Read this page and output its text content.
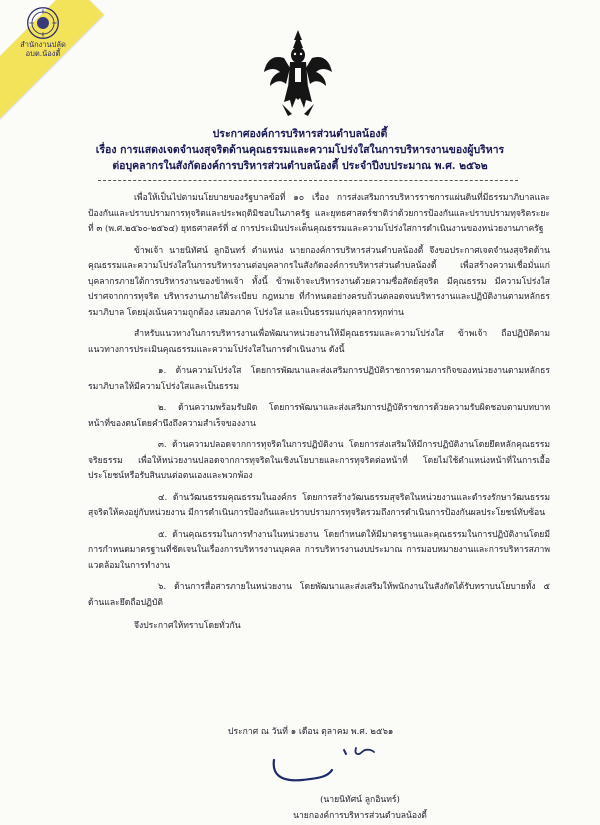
สำนักงานปลัด
อบต.น้องตี้
ประกาศองค์การบริหารส่วนตำบลน้องตี้
เรื่อง การแสดงเจตจำนงสุจริตด้านคุณธรรมและความโปร่งใสในการบริหารงานของผู้บริหาร
ต่อบุคลากรในสังกัดองค์การบริหารส่วนตำบลน้องตี้ ประจำปีงบประมาณ พ.ศ. ๒๕๖๒

เพื่อให้เป็นไปตามนโยบายของรัฐบาลข้อที่ ๑๐ เรื่อง การส่งเสริมการบริหารราชการแผ่นดินที่มีธรรมาภิบาลและป้องกันและปราบปรามการทุจริตและประพฤติมิชอบในภาครัฐ และยุทธศาสตร์ชาติว่าด้วยการป้องกันและปราบปรามทุจริตระยะที่ ๓ (พ.ศ.๒๕๖๐-๒๕๖๔) ยุทธศาสตร์ที่ ๔ การประเมินประเด็นคุณธรรมและความโปร่งใสการดำเนินงานของหน่วยงานภาครัฐ

ข้าพเจ้า นายนิทัศน์ ลูกอินทร์ ตำแหน่ง นายกองค์การบริหารส่วนตำบลน้องตี้ จึงขอประกาศเจตจำนงสุจริตด้านคุณธรรมและความโปร่งใสในการบริหารงานต่อบุคลากรในสังกัดองค์การบริหารส่วนตำบลน้องตี้ เพื่อสร้างความเชื่อมั่นแก่บุคลากรภายใต้การบริหารงานของข้าพเจ้า ทั้งนี้ ข้าพเจ้าจะบริหารงานด้วยความซื่อสัตย์สุจริต มีคุณธรรม มีความโปร่งใส ปราศจากการทุจริต บริหารงานภายใต้ระเบียบ กฎหมาย ที่กำหนดอย่างครบถ้วนตลอดจนบริหารงานและปฏิบัติงานตามหลักธรรมาภิบาล โดยมุ่งเน้นความถูกต้อง เสมอภาค โปร่งใส และเป็นธรรมแก่บุคลากรทุกท่าน

สำหรับแนวทางในการบริหารงานเพื่อพัฒนาหน่วยงานให้มีคุณธรรมและความโปร่งใส ข้าพเจ้า ถือปฏิบัติตามแนวทางการประเมินคุณธรรมและความโปร่งใสในการดำเนินงาน ดังนี้

๑. ด้านความโปร่งใส โดยการพัฒนาและส่งเสริมการปฏิบัติราชการตามภารกิจของหน่วยงานตามหลักธรรมาภิบาลให้มีความโปร่งใสและเป็นธรรม

๒. ด้านความพร้อมรับผิด โดยการพัฒนาและส่งเสริมการปฏิบัติราชการด้วยความรับผิดชอบตามบทบาทหน้าที่ของตนโดยคำนึงถึงความสำเร็จของงาน

๓. ด้านความปลอดจากการทุจริตในการปฏิบัติงาน โดยการส่งเสริมให้มีการปฏิบัติงานโดยยึดหลักคุณธรรม จริยธรรม เพื่อให้หน่วยงานปลอดจากการทุจริตในเชิงนโยบายและการทุจริตต่อหน้าที่ โดยไม่ใช้ตำแหน่งหน้าที่ในการเอื้อประโยชน์หรือรับสินบนต่อตนเองและพวกพ้อง

๔. ด้านวัฒนธรรมคุณธรรมในองค์กร โดยการสร้างวัฒนธรรมสุจริตในหน่วยงานและดำรงรักษาวัฒนธรรมสุจริตให้คงอยู่กับหน่วยงาน มีการดำเนินการป้องกันและปราบปรามการทุจริตรวมถึงการดำเนินการป้องกันผลประโยชน์ทับซ้อน

๕. ด้านคุณธรรมในการทำงานในหน่วยงาน โดยกำหนดให้มีมาตรฐานและคุณธรรมในการปฏิบัติงานโดยมีการกำหนดมาตรฐานที่ชัดเจนในเรื่องการบริหารงานบุคคล การบริหารงานงบประมาณ การมอบหมายงานและการบริหารสภาพแวดล้อมในการทำงาน

๖. ด้านการสื่อสารภายในหน่วยงาน โดยพัฒนาและส่งเสริมให้พนักงานในสังกัดได้รับทราบนโยบายทั้ง ๕ ด้านและยึดถือปฏิบัติ

จึงประกาศให้ทราบโดยทั่วกัน

ประกาศ ณ วันที่ ๑ เดือน ตุลาคม พ.ศ. ๒๕๖๑
(นายนิทัศน์ ลูกอินทร์)
นายกองค์การบริหารส่วนตำบลน้องตี้
